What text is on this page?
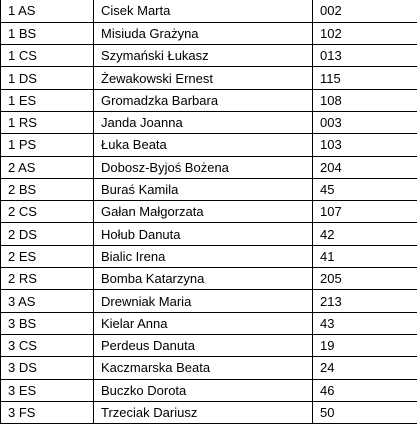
1 AS	Cisek Marta	002
1 BS	Misiuda Grażyna	102
1 CS	Szymański Łukasz	013
1 DS	Żewakowski Ernest	115
1 ES	Gromadzka Barbara	108
1 RS	Janda Joanna	003
1 PS	Łuka Beata	103
2 AS	Dobosz-Byjoś Bożena	204
2 BS	Buraś Kamila	45
2 CS	Gałan Małgorzata	107
2 DS	Hołub Danuta	42
2 ES	Bialic Irena	41
2 RS	Bomba Katarzyna	205
3 AS	Drewniak Maria	213
3 BS	Kielar Anna	43
3 CS	Perdeus Danuta	19
3 DS	Kaczmarska Beata	24
3 ES	Buczko Dorota	46
3 FS	Trzeciak Dariusz	50
